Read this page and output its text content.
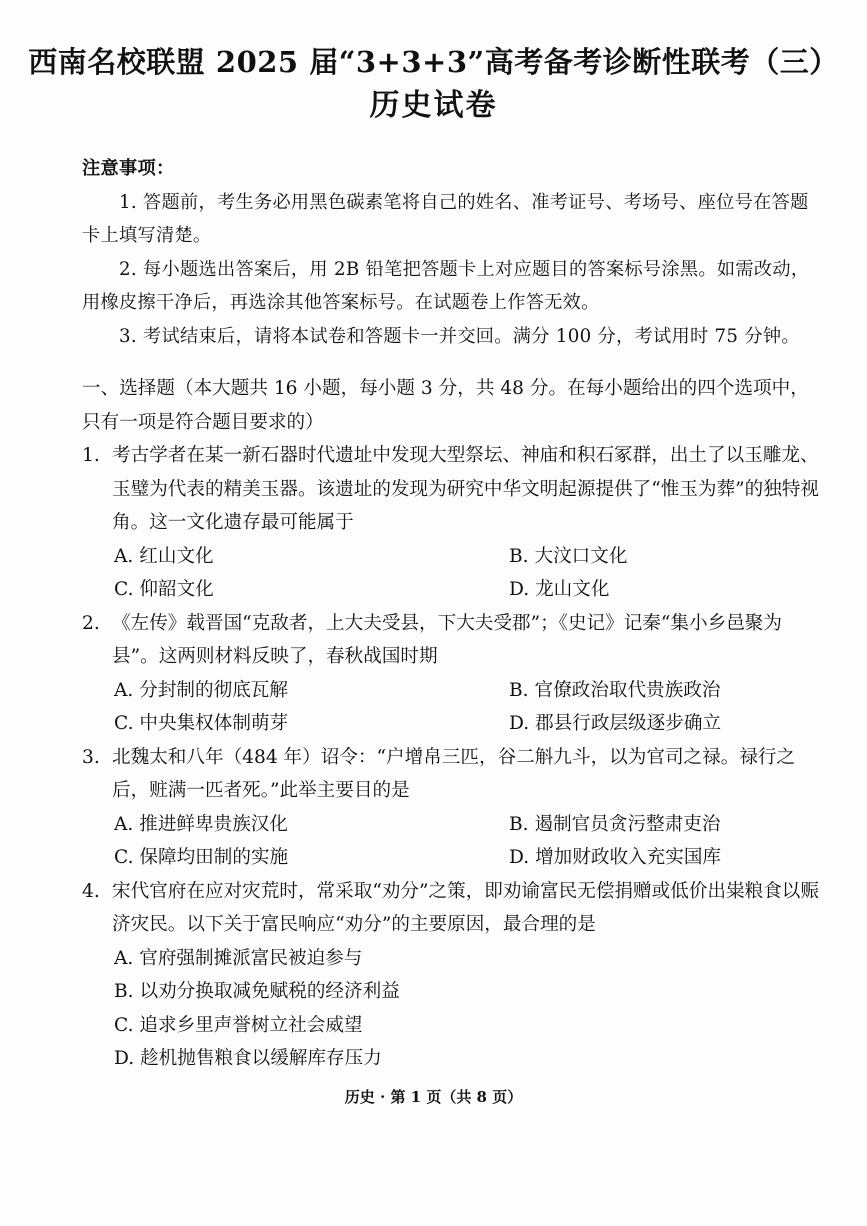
西南名校联盟 2025 届“3+3+3”高考备考诊断性联考（三）
历史试卷
注意事项：
1. 答题前，考生务必用黑色碳素笔将自己的姓名、准考证号、考场号、座位号在答题卡上填写清楚。
2. 每小题选出答案后，用 2B 铅笔把答题卡上对应题目的答案标号涂黑。如需改动，用橡皮擦干净后，再选涂其他答案标号。在试题卷上作答无效。
3. 考试结束后，请将本试卷和答题卡一并交回。满分 100 分，考试用时 75 分钟。
一、选择题（本大题共 16 小题，每小题 3 分，共 48 分。在每小题给出的四个选项中，只有一项是符合题目要求的）
1. 考古学者在某一新石器时代遗址中发现大型祭坛、神庙和积石冢群，出土了以玉雕龙、玉璧为代表的精美玉器。该遗址的发现为研究中华文明起源提供了“惟玉为葬”的独特视角。这一文化遗存最可能属于
A. 红山文化	B. 大汶口文化
C. 仰韶文化	D. 龙山文化
2. 《左传》载晋国“克敌者，上大夫受县，下大夫受郡”；《史记》记秦“集小乡邑聚为县”。这两则材料反映了，春秋战国时期
A. 分封制的彻底瓦解	B. 官僚政治取代贵族政治
C. 中央集权体制萌芽	D. 郡县行政层级逐步确立
3. 北魏太和八年（484 年）诏令：“户增帛三匹，谷二斛九斗，以为官司之禄。禄行之后，赃满一匹者死。”此举主要目的是
A. 推进鲜卑贵族汉化	B. 遏制官员贪污整肃吏治
C. 保障均田制的实施	D. 增加财政收入充实国库
4. 宋代官府在应对灾荒时，常采取“劝分”之策，即劝谕富民无偿捐赠或低价出粜粮食以赈济灾民。以下关于富民响应“劝分”的主要原因，最合理的是
A. 官府强制摊派富民被迫参与
B. 以劝分换取减免赋税的经济利益
C. 追求乡里声誉树立社会威望
D. 趁机抛售粮食以缓解库存压力
历史 · 第 1 页（共 8 页）
